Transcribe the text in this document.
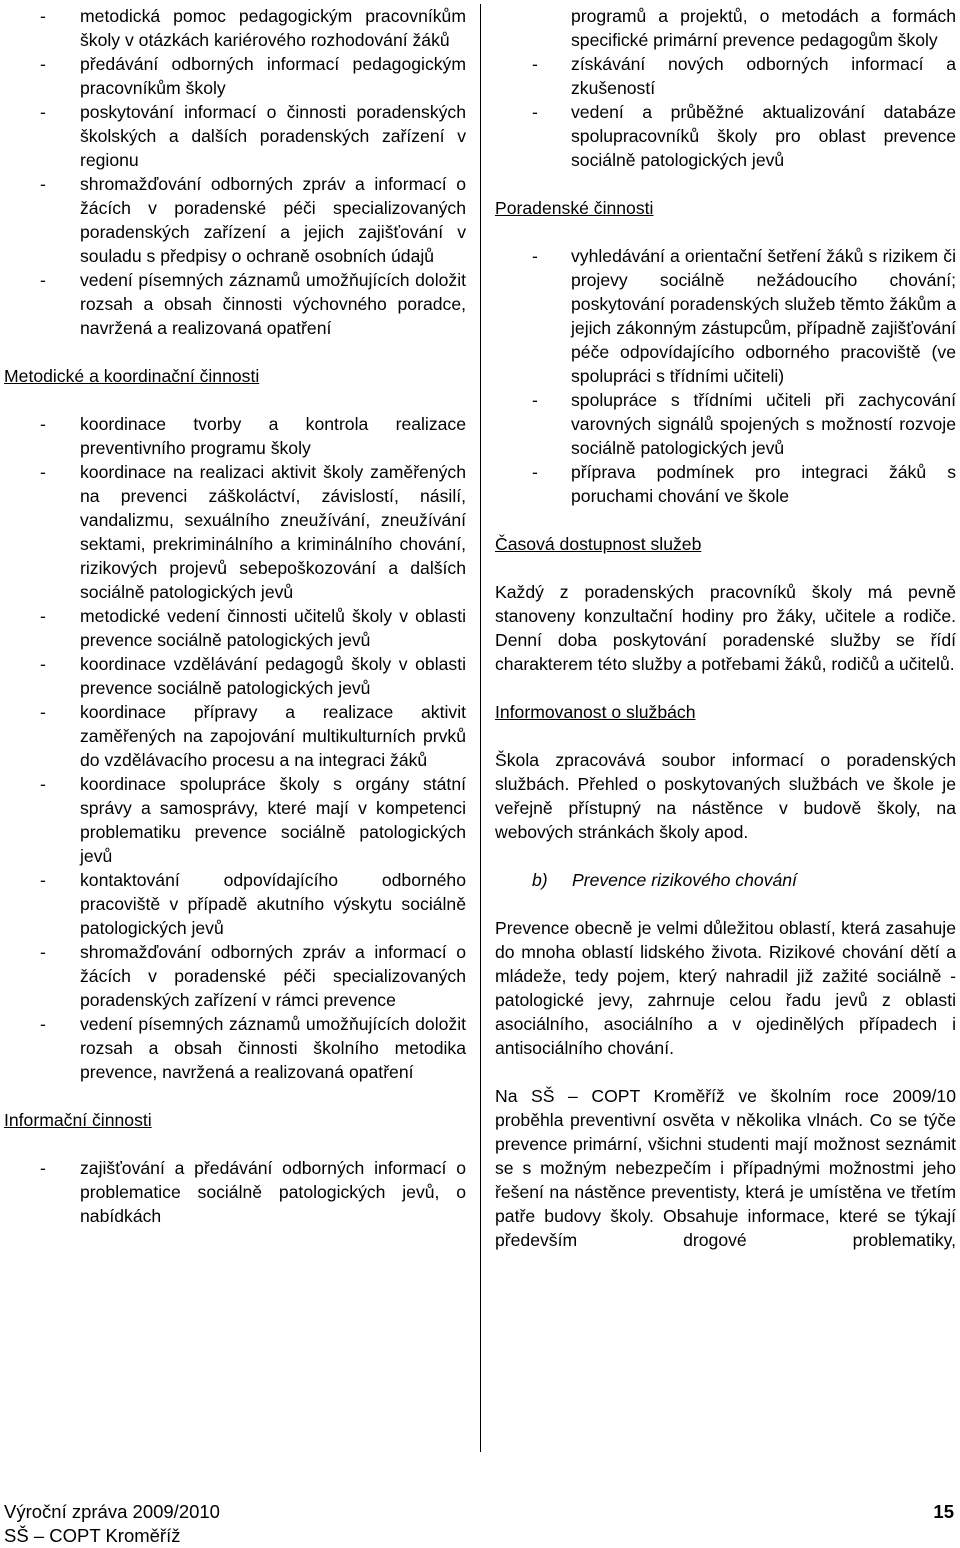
- metodická pomoc pedagogickým pracovníkům školy v otázkách kariérového rozhodování žáků
- předávání odborných informací pedagogickým pracovníkům školy
- poskytování informací o činnosti poradenských školských a dalších poradenských zařízení v regionu
- shromažďování odborných zpráv a informací o žácích v poradenské péči specializovaných poradenských zařízení a jejich zajišťování v souladu s předpisy o ochraně osobních údajů
- vedení písemných záznamů umožňujících doložit rozsah a obsah činnosti výchovného poradce, navržená a realizovaná opatření
Metodické a koordinační činnosti
- koordinace tvorby a kontrola realizace preventivního programu školy
- koordinace na realizaci aktivit školy zaměřených na prevenci záškoláctví, závislostí, násilí, vandalizmu, sexuálního zneužívání, zneužívání sektami, prekriminálního a kriminálního chování, rizikových projevů sebepoškozování a dalších sociálně patologických jevů
- metodické vedení činnosti učitelů školy v oblasti prevence sociálně patologických jevů
- koordinace vzdělávání pedagogů školy v oblasti prevence sociálně patologických jevů
- koordinace přípravy a realizace aktivit zaměřených na zapojování multikulturních prvků do vzdělávacího procesu a na integraci žáků
- koordinace spolupráce školy s orgány státní správy a samosprávy, které mají v kompetenci problematiku prevence sociálně patologických jevů
- kontaktování odpovídajícího odborného pracoviště v případě akutního výskytu sociálně patologických jevů
- shromažďování odborných zpráv a informací o žácích v poradenské péči specializovaných poradenských zařízení v rámci prevence
- vedení písemných záznamů umožňujících doložit rozsah a obsah činnosti školního metodika prevence, navržená a realizovaná opatření
Informační činnosti
- zajišťování a předávání odborných informací o problematice sociálně patologických jevů, o nabídkách

programů a projektů, o metodách a formách specifické primární prevence pedagogům školy

- získávání nových odborných informací a zkušeností
- vedení a průběžné aktualizování databáze spolupracovníků školy pro oblast prevence sociálně patologických jevů
Poradenské činnosti
- vyhledávání a orientační šetření žáků s rizikem či projevy sociálně nežádoucího chování; poskytování poradenských služeb těmto žákům a jejich zákonným zástupcům, případně zajišťování péče odpovídajícího odborného pracoviště (ve spolupráci s třídními učiteli)
- spolupráce s třídními učiteli při zachycování varovných signálů spojených s možností rozvoje sociálně patologických jevů
- příprava podmínek pro integraci žáků s poruchami chování ve škole
Časová dostupnost služeb

Každý z poradenských pracovníků školy má pevně stanoveny konzultační hodiny pro žáky, učitele a rodiče. Denní doba poskytování poradenské služby se řídí charakterem této služby a potřebami žáků, rodičů a učitelů.

Informovanost o službách

Škola zpracovává soubor informací o poradenských službách. Přehled o poskytovaných službách ve škole je veřejně přístupný na nástěnce v budově školy, na webových stránkách školy apod.

b) Prevence rizikového chování

Prevence obecně je velmi důležitou oblastí, která zasahuje do mnoha oblastí lidského života. Rizikové chování dětí a mládeže, tedy pojem, který nahradil již zažité sociálně - patologické jevy, zahrnuje celou řadu jevů z oblasti asociálního, asociálního a v ojedinělých případech i antisociálního chování.

Na SŠ – COPT Kroměříž ve školním roce 2009/10 proběhla preventivní osvěta v několika vlnách. Co se týče prevence primární, všichni studenti mají možnost seznámit se s možným nebezpečím i případnými možnostmi jeho řešení na nástěnce preventisty, která je umístěna ve třetím patře budovy školy. Obsahuje informace, které se týkají především drogové problematiky,

Výroční zpráva 2009/2010
SŠ – COPT Kroměříž
15
